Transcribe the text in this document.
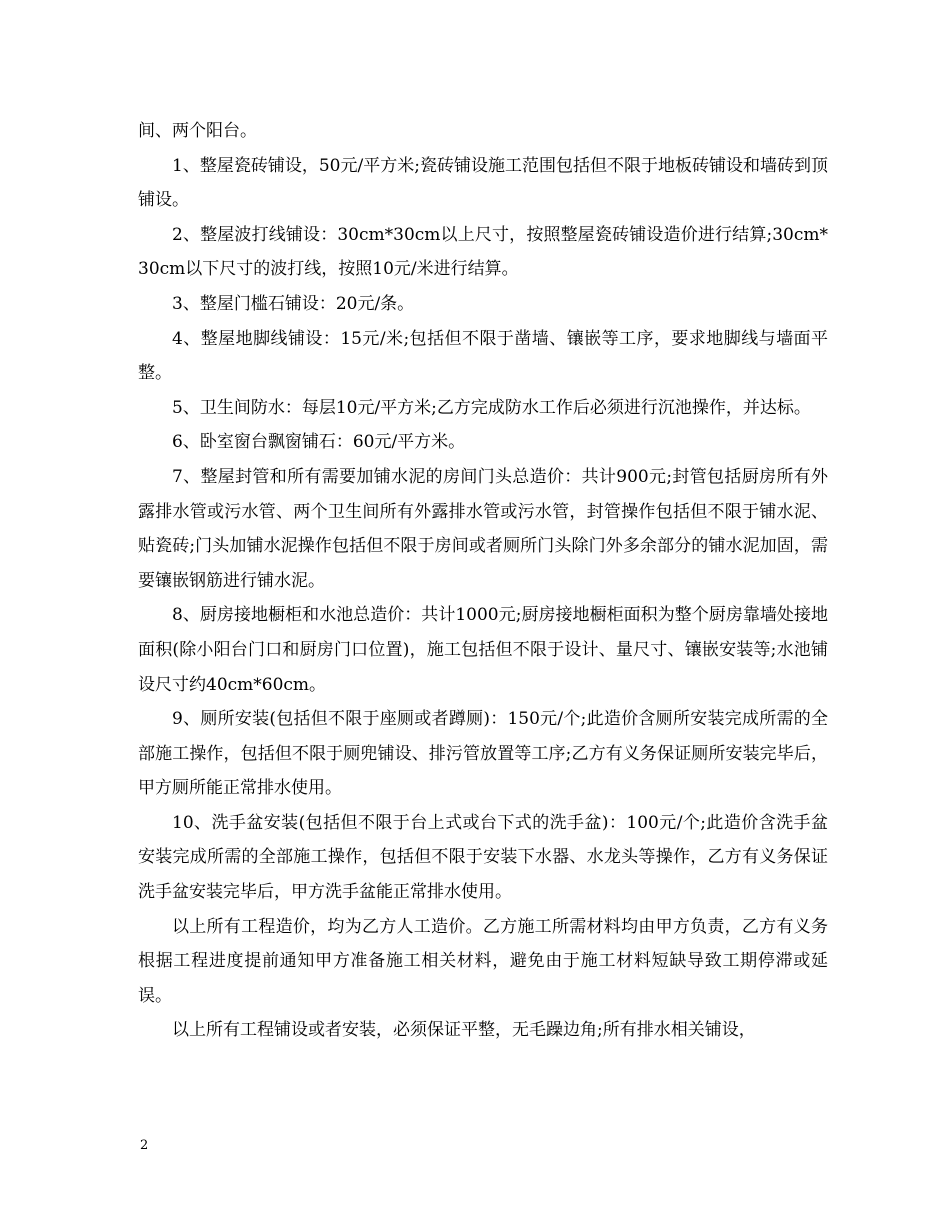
间、两个阳台。

1、整屋瓷砖铺设，50元/平方米;瓷砖铺设施工范围包括但不限于地板砖铺设和墙砖到顶铺设。

2、整屋波打线铺设：30cm*30cm以上尺寸，按照整屋瓷砖铺设造价进行结算;30cm*30cm以下尺寸的波打线，按照10元/米进行结算。

3、整屋门槛石铺设：20元/条。

4、整屋地脚线铺设：15元/米;包括但不限于凿墙、镶嵌等工序，要求地脚线与墙面平整。

5、卫生间防水：每层10元/平方米;乙方完成防水工作后必须进行沉池操作，并达标。

6、卧室窗台飘窗铺石：60元/平方米。

7、整屋封管和所有需要加铺水泥的房间门头总造价：共计900元;封管包括厨房所有外露排水管或污水管、两个卫生间所有外露排水管或污水管，封管操作包括但不限于铺水泥、贴瓷砖;门头加铺水泥操作包括但不限于房间或者厕所门头除门外多余部分的铺水泥加固，需要镶嵌钢筋进行铺水泥。

8、厨房接地橱柜和水池总造价：共计1000元;厨房接地橱柜面积为整个厨房靠墙处接地面积(除小阳台门口和厨房门口位置)，施工包括但不限于设计、量尺寸、镶嵌安装等;水池铺设尺寸约40cm*60cm。

9、厕所安装(包括但不限于座厕或者蹲厕)：150元/个;此造价含厕所安装完成所需的全部施工操作，包括但不限于厕兜铺设、排污管放置等工序;乙方有义务保证厕所安装完毕后，甲方厕所能正常排水使用。

10、洗手盆安装(包括但不限于台上式或台下式的洗手盆)：100元/个;此造价含洗手盆安装完成所需的全部施工操作，包括但不限于安装下水器、水龙头等操作，乙方有义务保证洗手盆安装完毕后，甲方洗手盆能正常排水使用。

以上所有工程造价，均为乙方人工造价。乙方施工所需材料均由甲方负责，乙方有义务根据工程进度提前通知甲方准备施工相关材料，避免由于施工材料短缺导致工期停滞或延误。

以上所有工程铺设或者安装，必须保证平整，无毛躁边角;所有排水相关铺设，

2
